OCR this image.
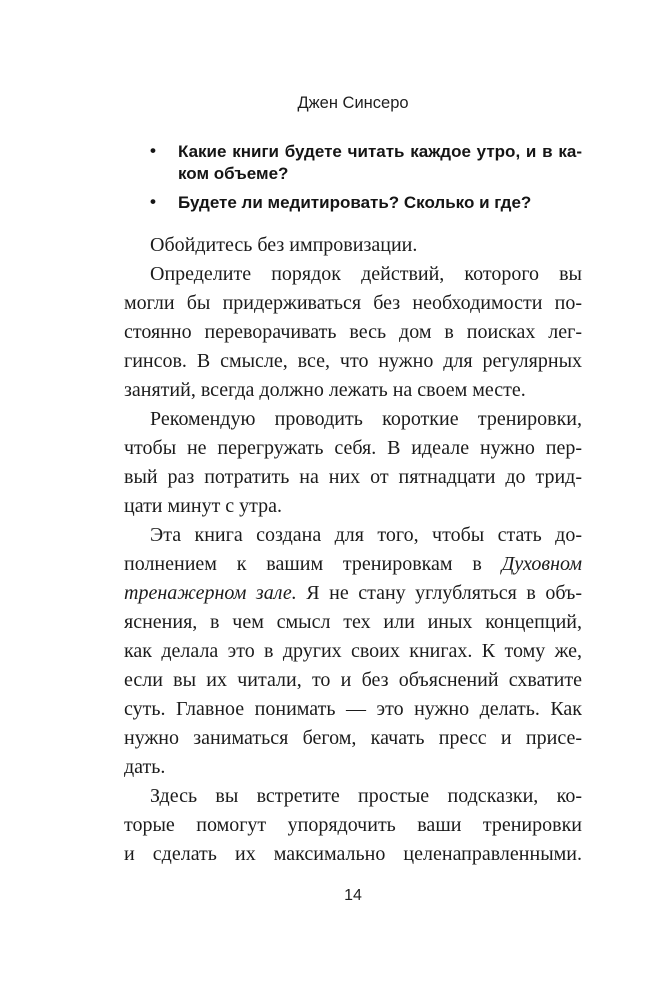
Джен Синсеро
• Какие книги будете читать каждое утро, и в ка-
ком объеме?
• Будете ли медитировать? Сколько и где?
Обойдитесь без импровизации.
Определите порядок действий, которого вы
могли бы придерживаться без необходимости по-
стоянно переворачивать весь дом в поисках лег-
гинсов. В смысле, все, что нужно для регулярных
занятий, всегда должно лежать на своем месте.
Рекомендую проводить короткие тренировки,
чтобы не перегружать себя. В идеале нужно пер-
вый раз потратить на них от пятнадцати до трид-
цати минут с утра.
Эта книга создана для того, чтобы стать до-
полнением к вашим тренировкам в Духовном
тренажерном зале. Я не стану углубляться в объ-
яснения, в чем смысл тех или иных концепций,
как делала это в других своих книгах. К тому же,
если вы их читали, то и без объяснений схватите
суть. Главное понимать — это нужно делать. Как
нужно заниматься бегом, качать пресс и присе-
дать.
Здесь вы встретите простые подсказки, ко-
торые помогут упорядочить ваши тренировки
и сделать их максимально целенаправленными.
14
